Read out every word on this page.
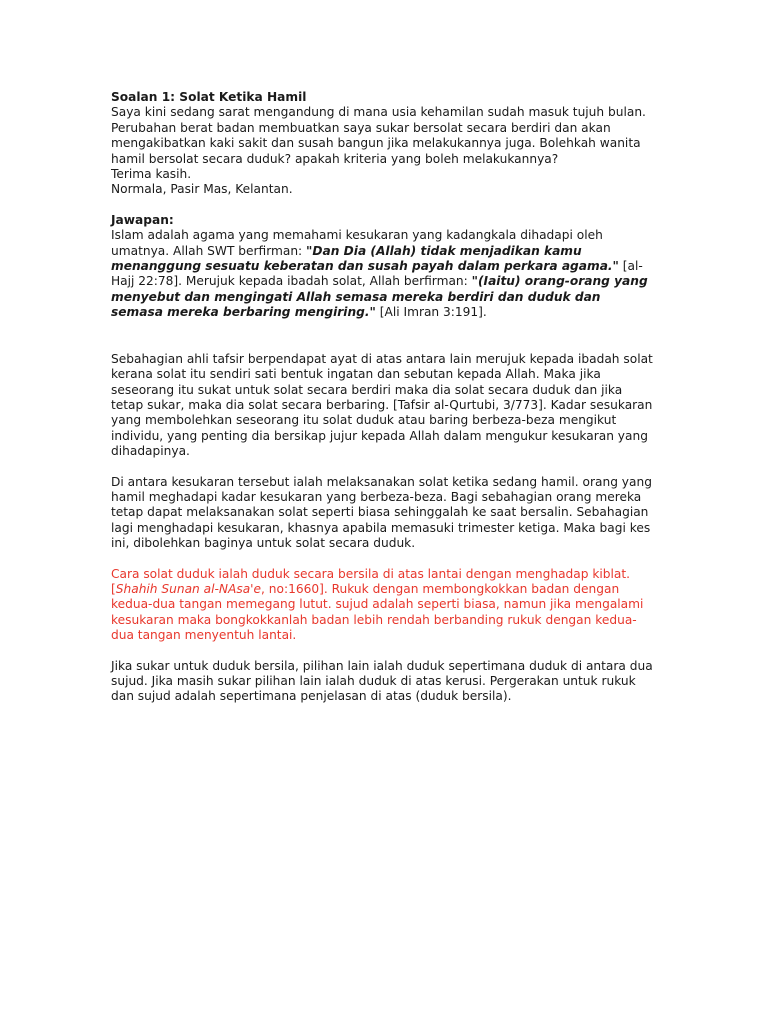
Soalan 1: Solat Ketika Hamil

Saya kini sedang sarat mengandung di mana usia kehamilan sudah masuk tujuh bulan. Perubahan berat badan membuatkan saya sukar bersolat secara berdiri dan akan mengakibatkan kaki sakit dan susah bangun jika melakukannya juga. Bolehkah wanita hamil bersolat secara duduk? apakah kriteria yang boleh melakukannya?

Terima kasih.

Normala, Pasir Mas, Kelantan.

Jawapan:

Islam adalah agama yang memahami kesukaran yang kadangkala dihadapi oleh umatnya. Allah SWT berfirman: "Dan Dia (Allah) tidak menjadikan kamu menanggung sesuatu keberatan dan susah payah dalam perkara agama." [al-Hajj 22:78]. Merujuk kepada ibadah solat, Allah berfirman: "(Iaitu) orang-orang yang menyebut dan mengingati Allah semasa mereka berdiri dan duduk dan semasa mereka berbaring mengiring." [Ali Imran 3:191].

Sebahagian ahli tafsir berpendapat ayat di atas antara lain merujuk kepada ibadah solat kerana solat itu sendiri sati bentuk ingatan dan sebutan kepada Allah. Maka jika seseorang itu sukat untuk solat secara berdiri maka dia solat secara duduk dan jika tetap sukar, maka dia solat secara berbaring. [Tafsir al-Qurtubi, 3/773]. Kadar sesukaran yang membolehkan seseorang itu solat duduk atau baring berbeza-beza mengikut individu, yang penting dia bersikap jujur kepada Allah dalam mengukur kesukaran yang dihadapinya.

Di antara kesukaran tersebut ialah melaksanakan solat ketika sedang hamil. orang yang hamil meghadapi kadar kesukaran yang berbeza-beza. Bagi sebahagian orang mereka tetap dapat melaksanakan solat seperti biasa sehinggalah ke saat bersalin. Sebahagian lagi menghadapi kesukaran, khasnya apabila memasuki trimester ketiga. Maka bagi kes ini, dibolehkan baginya untuk solat secara duduk.

Cara solat duduk ialah duduk secara bersila di atas lantai dengan menghadap kiblat. [Shahih Sunan al-NAsa'e, no:1660]. Rukuk dengan membongkokkan badan dengan kedua-dua tangan memegang lutut. sujud adalah seperti biasa, namun jika mengalami kesukaran maka bongkokkanlah badan lebih rendah berbanding rukuk dengan kedua-dua tangan menyentuh lantai.

Jika sukar untuk duduk bersila, pilihan lain ialah duduk sepertimana duduk di antara dua sujud. Jika masih sukar pilihan lain ialah duduk di atas kerusi. Pergerakan untuk rukuk dan sujud adalah sepertimana penjelasan di atas (duduk bersila).
